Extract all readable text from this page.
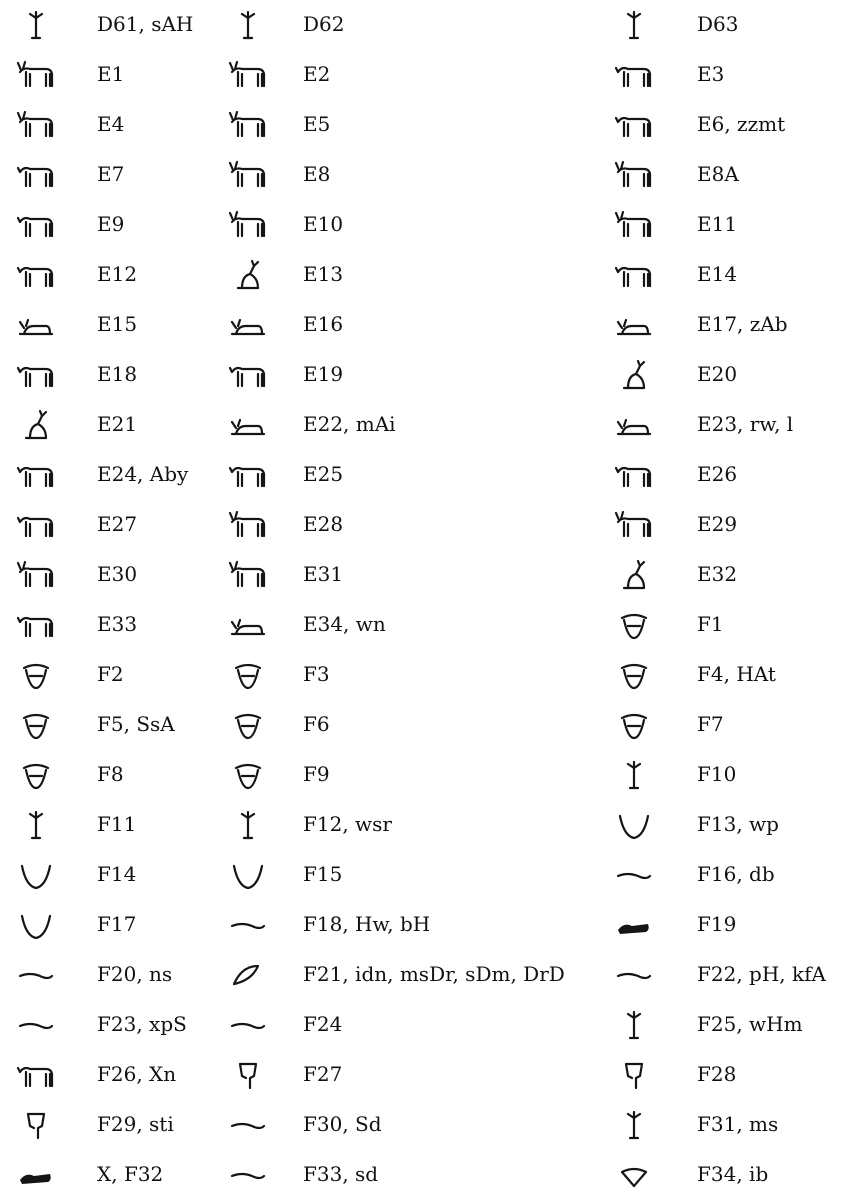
D61, sAH	D62	D63
E1	E2	E3
E4	E5	E6, zzmt
E7	E8	E8A
E9	E10	E11
E12	E13	E14
E15	E16	E17, zAb
E18	E19	E20
E21	E22, mAi	E23, rw, l
E24, Aby	E25	E26
E27	E28	E29
E30	E31	E32
E33	E34, wn	F1
F2	F3	F4, HAt
F5, SsA	F6	F7
F8	F9	F10
F11	F12, wsr	F13, wp
F14	F15	F16, db
F17	F18, Hw, bH	F19
F20, ns	F21, idn, msDr, sDm, DrD	F22, pH, kfA
F23, xpS	F24	F25, wHm
F26, Xn	F27	F28
F29, sti	F30, Sd	F31, ms
X, F32	F33, sd	F34, ib
